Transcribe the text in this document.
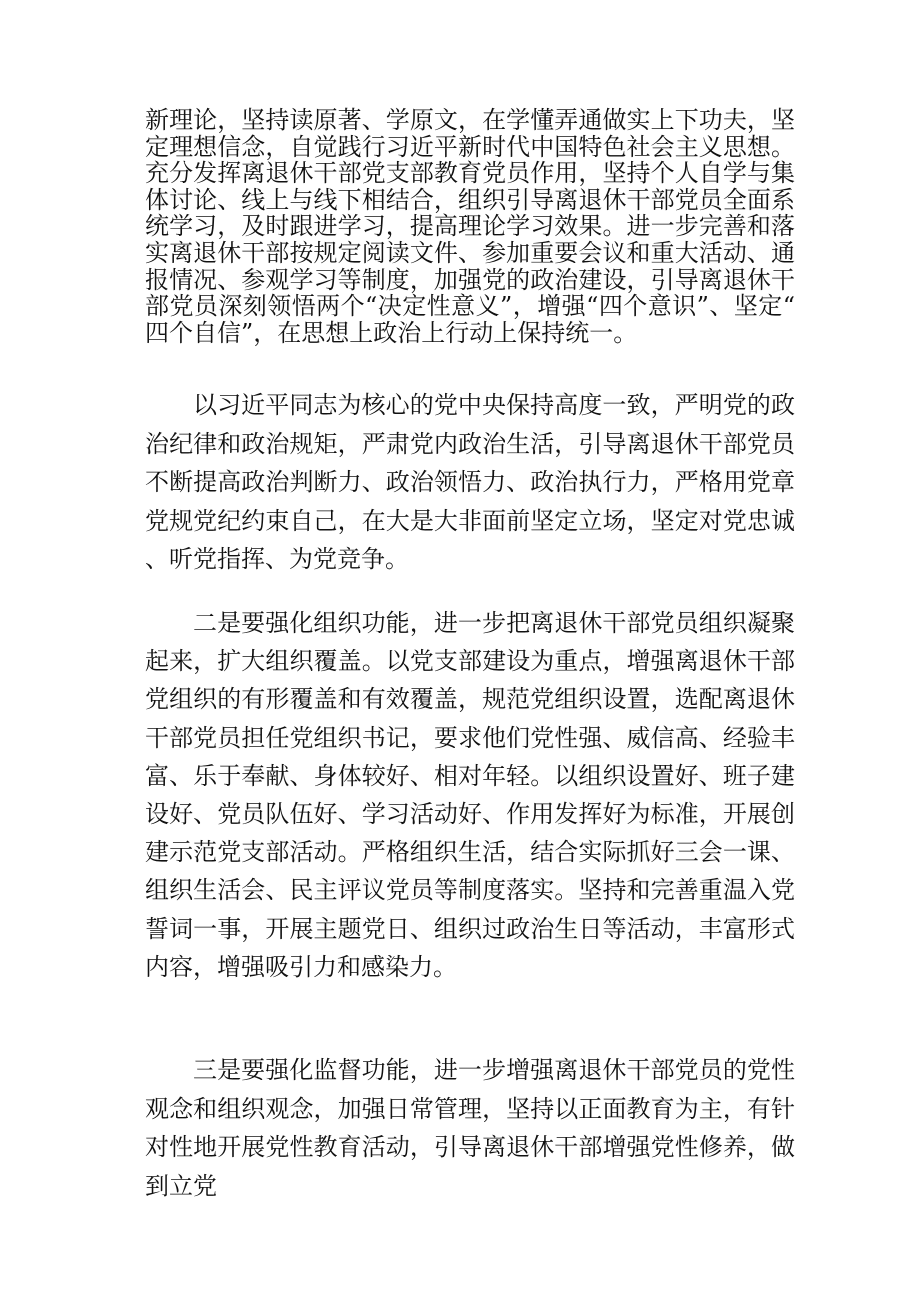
新理论，坚持读原著、学原文，在学懂弄通做实上下功夫，坚定理想信念，自觉践行习近平新时代中国特色社会主义思想。充分发挥离退休干部党支部教育党员作用，坚持个人自学与集体讨论、线上与线下相结合，组织引导离退休干部党员全面系统学习，及时跟进学习，提高理论学习效果。进一步完善和落实离退休干部按规定阅读文件、参加重要会议和重大活动、通报情况、参观学习等制度，加强党的政治建设，引导离退休干部党员深刻领悟两个“决定性意义”，增强“四个意识”、坚定“四个自信”，在思想上政治上行动上保持统一。

以习近平同志为核心的党中央保持高度一致，严明党的政治纪律和政治规矩，严肃党内政治生活，引导离退休干部党员不断提高政治判断力、政治领悟力、政治执行力，严格用党章党规党纪约束自己，在大是大非面前坚定立场，坚定对党忠诚、听党指挥、为党竞争。

二是要强化组织功能，进一步把离退休干部党员组织凝聚起来，扩大组织覆盖。以党支部建设为重点，增强离退休干部党组织的有形覆盖和有效覆盖，规范党组织设置，选配离退休干部党员担任党组织书记，要求他们党性强、威信高、经验丰富、乐于奉献、身体较好、相对年轻。以组织设置好、班子建设好、党员队伍好、学习活动好、作用发挥好为标准，开展创建示范党支部活动。严格组织生活，结合实际抓好三会一课、组织生活会、民主评议党员等制度落实。坚持和完善重温入党誓词一事，开展主题党日、组织过政治生日等活动，丰富形式内容，增强吸引力和感染力。

三是要强化监督功能，进一步增强离退休干部党员的党性观念和组织观念，加强日常管理，坚持以正面教育为主，有针对性地开展党性教育活动，引导离退休干部增强党性修养，做到立党
